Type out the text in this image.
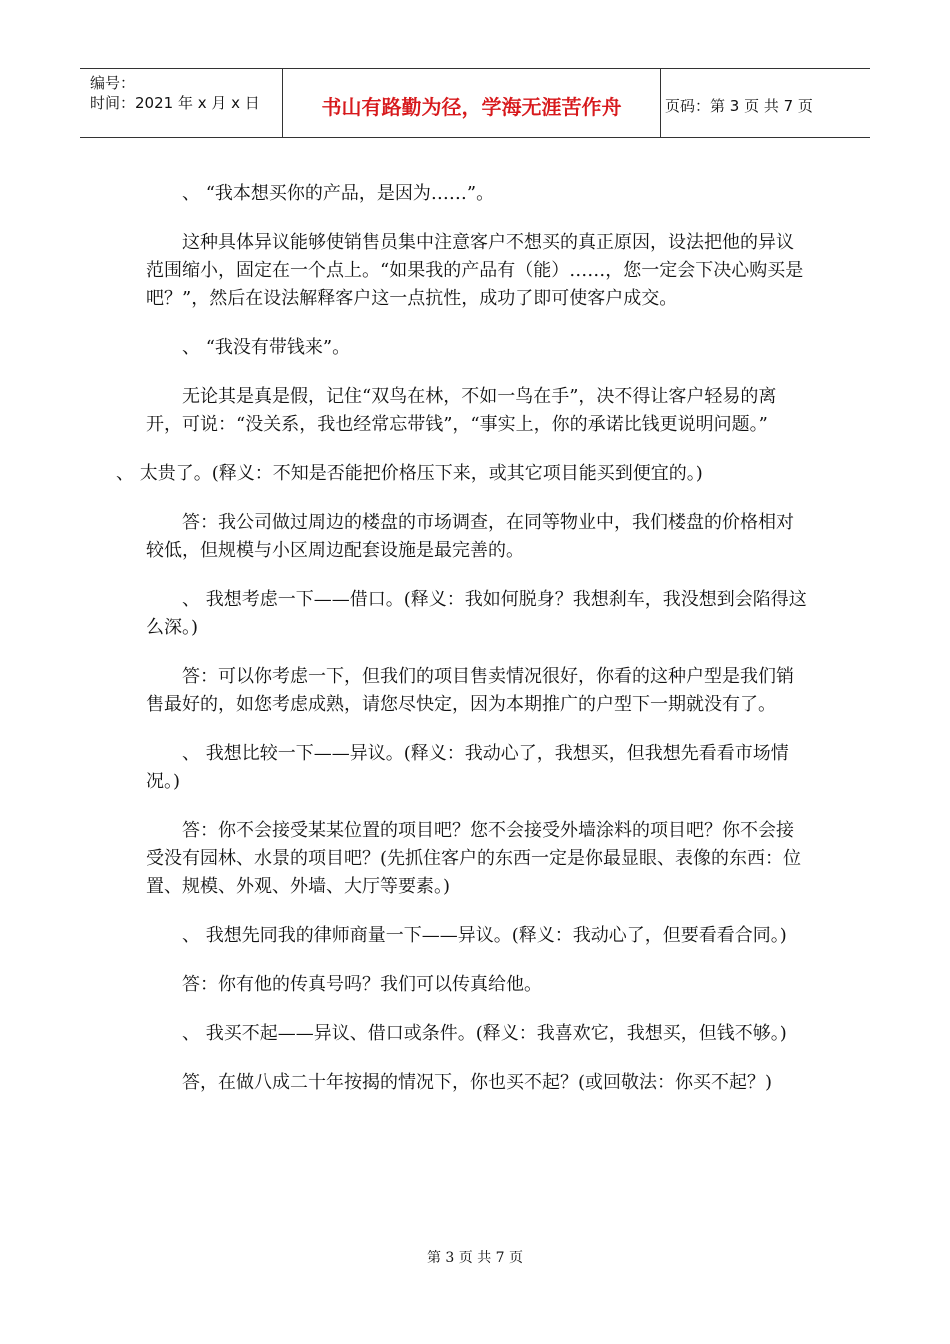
编号：
时间：2021 年 x 月 x 日	书山有路勤为径，学海无涯苦作舟	页码：第 3 页 共 7 页

、 “我本想买你的产品，是因为……”。

这种具体异议能够使销售员集中注意客户不想买的真正原因，设法把他的异议范围缩小，固定在一个点上。“如果我的产品有（能）……，您一定会下决心购买是吧？”，然后在设法解释客户这一点抗性，成功了即可使客户成交。

、 “我没有带钱来”。

无论其是真是假，记住“双鸟在林，不如一鸟在手”，决不得让客户轻易的离开，可说：“没关系，我也经常忘带钱”，“事实上，你的承诺比钱更说明问题。”

、 太贵了。(释义：不知是否能把价格压下来，或其它项目能买到便宜的。)

答：我公司做过周边的楼盘的市场调查，在同等物业中，我们楼盘的价格相对较低，但规模与小区周边配套设施是最完善的。

、 我想考虑一下——借口。(释义：我如何脱身？我想刹车，我没想到会陷得这么深。)

答：可以你考虑一下，但我们的项目售卖情况很好，你看的这种户型是我们销售最好的，如您考虑成熟，请您尽快定，因为本期推广的户型下一期就没有了。

、 我想比较一下——异议。(释义：我动心了，我想买，但我想先看看市场情况。)

答：你不会接受某某位置的项目吧？您不会接受外墙涂料的项目吧？你不会接受没有园林、水景的项目吧？(先抓住客户的东西一定是你最显眼、表像的东西：位置、规模、外观、外墙、大厅等要素。)

、 我想先同我的律师商量一下——异议。(释义：我动心了，但要看看合同。)

答：你有他的传真号吗？我们可以传真给他。

、 我买不起——异议、借口或条件。(释义：我喜欢它，我想买，但钱不够。)

答，在做八成二十年按揭的情况下，你也买不起？(或回敬法：你买不起？)

第 3 页 共 7 页
